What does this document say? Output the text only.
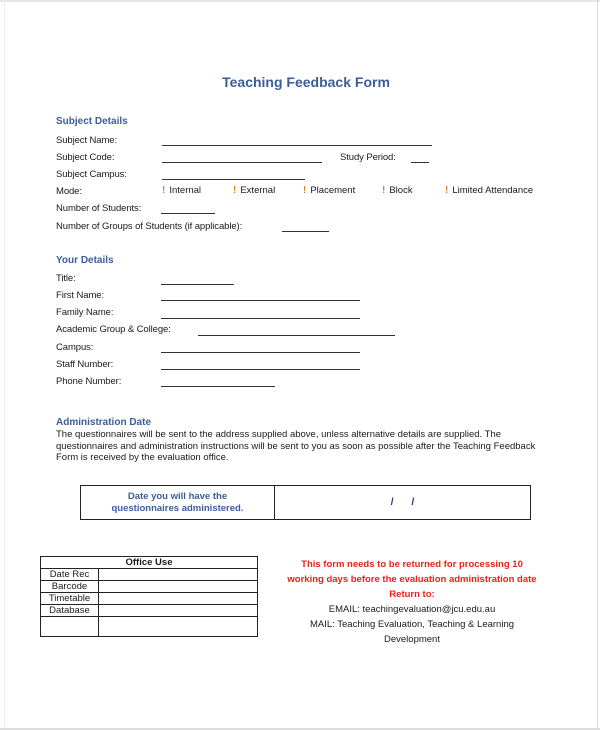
Teaching Feedback Form
Subject Details
Subject Name:
Subject Code:	Study Period:
Subject Campus:
Mode:	! Internal	! External	! Placement	! Block	! Limited Attendance
Number of Students:
Number of Groups of Students (if applicable):
Your Details
Title:
First Name:
Family Name:
Academic Group & College:
Campus:
Staff Number:
Phone Number:
Administration Date
The questionnaires will be sent to the address supplied above, unless alternative details are supplied. The questionnaires and administration instructions will be sent to you as soon as possible after the Teaching Feedback Form is received by the evaluation office.
Date you will have the
questionnaires administered.	/ /
Office Use	
Date Rec	
Barcode	
Timetable	
Database	

This form needs to be returned for processing 10
working days before the evaluation administration date
Return to:
EMAIL: teachingevaluation@jcu.edu.au
MAIL: Teaching Evaluation, Teaching & Learning
Development
